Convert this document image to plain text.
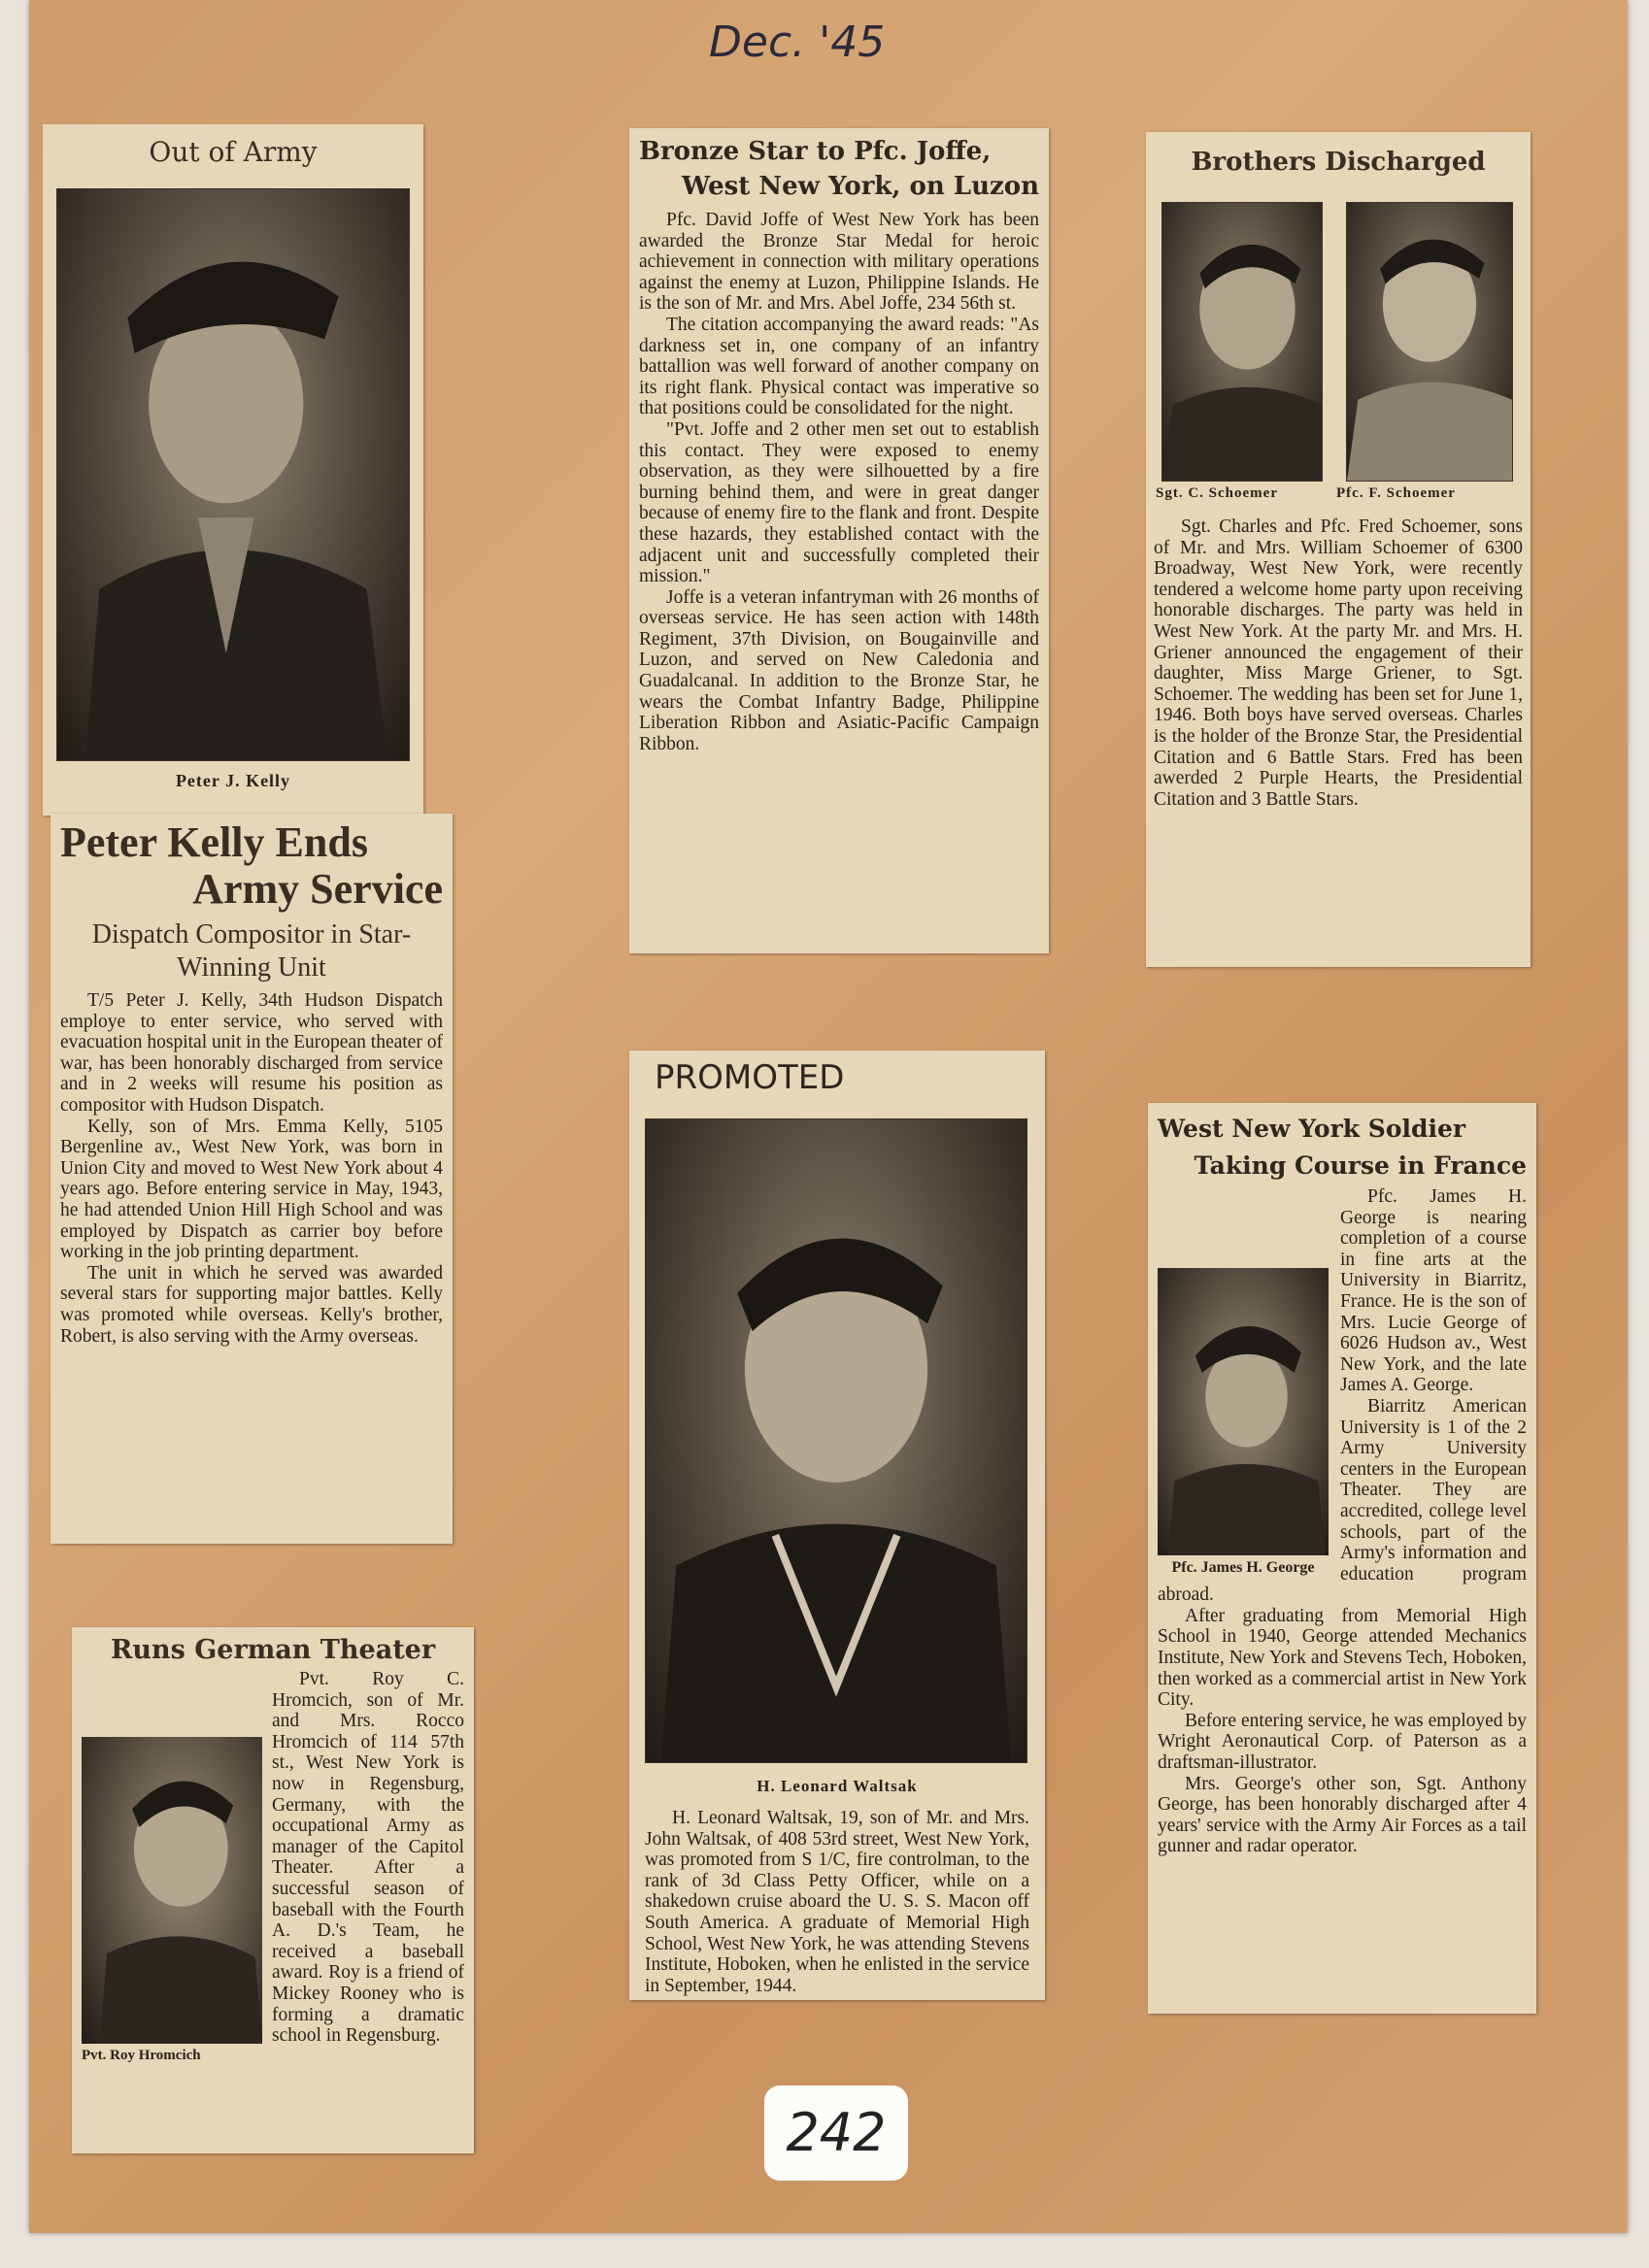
Dec. '45
Out of Army
Peter J. Kelly
Peter Kelly Ends
Army Service
Dispatch Compositor in Star-Winning Unit

T/5 Peter J. Kelly, 34th Hudson Dispatch employe to enter service, who served with evacuation hospital unit in the European theater of war, has been honorably discharged from service and in 2 weeks will resume his position as compositor with Hudson Dispatch.

Kelly, son of Mrs. Emma Kelly, 5105 Bergenline av., West New York, was born in Union City and moved to West New York about 4 years ago. Before entering service in May, 1943, he had attended Union Hill High School and was employed by Dispatch as carrier boy before working in the job printing department.

The unit in which he served was awarded several stars for supporting major battles. Kelly was promoted while overseas. Kelly's brother, Robert, is also serving with the Army overseas.

Runs German Theater
Pvt. Roy Hromcich

Pvt. Roy C. Hromcich, son of Mr. and Mrs. Rocco Hromcich of 114 57th st., West New York is now in Regensburg, Germany, with the occupational Army as manager of the Capitol Theater. After a successful season of baseball with the Fourth A. D.'s Team, he received a baseball award. Roy is a friend of Mickey Rooney who is forming a dramatic school in Regensburg.

Bronze Star to Pfc. Joffe,
West New York, on Luzon

Pfc. David Joffe of West New York has been awarded the Bronze Star Medal for heroic achievement in connection with military operations against the enemy at Luzon, Philippine Islands. He is the son of Mr. and Mrs. Abel Joffe, 234 56th st.

The citation accompanying the award reads: "As darkness set in, one company of an infantry battallion was well forward of another company on its right flank. Physical contact was imperative so that positions could be consolidated for the night.

"Pvt. Joffe and 2 other men set out to establish this contact. They were exposed to enemy observation, as they were silhouetted by a fire burning behind them, and were in great danger because of enemy fire to the flank and front. Despite these hazards, they established contact with the adjacent unit and successfully completed their mission."

Joffe is a veteran infantryman with 26 months of overseas service. He has seen action with 148th Regiment, 37th Division, on Bougainville and Luzon, and served on New Caledonia and Guadalcanal. In addition to the Bronze Star, he wears the Combat Infantry Badge, Philippine Liberation Ribbon and Asiatic-Pacific Campaign Ribbon.

PROMOTED
H. Leonard Waltsak

H. Leonard Waltsak, 19, son of Mr. and Mrs. John Waltsak, of 408 53rd street, West New York, was promoted from S 1/C, fire controlman, to the rank of 3d Class Petty Officer, while on a shakedown cruise aboard the U. S. S. Macon off South America. A graduate of Memorial High School, West New York, he was attending Stevens Institute, Hoboken, when he enlisted in the service in September, 1944.

Brothers Discharged
Sgt. C. Schoemer	Pfc. F. Schoemer

Sgt. Charles and Pfc. Fred Schoemer, sons of Mr. and Mrs. William Schoemer of 6300 Broadway, West New York, were recently tendered a welcome home party upon receiving honorable discharges. The party was held in West New York. At the party Mr. and Mrs. H. Griener announced the engagement of their daughter, Miss Marge Griener, to Sgt. Schoemer. The wedding has been set for June 1, 1946. Both boys have served overseas. Charles is the holder of the Bronze Star, the Presidential Citation and 6 Battle Stars. Fred has been awerded 2 Purple Hearts, the Presidential Citation and 3 Battle Stars.

West New York Soldier
Taking Course in France
Pfc. James H. George

Pfc. James H. George is nearing completion of a course in fine arts at the University in Biarritz, France. He is the son of Mrs. Lucie George of 6026 Hudson av., West New York, and the late James A. George.

Biarritz American University is 1 of the 2 Army University centers in the European Theater. They are accredited, college level schools, part of the Army's information and education program abroad.

After graduating from Memorial High School in 1940, George attended Mechanics Institute, New York and Stevens Tech, Hoboken, then worked as a commercial artist in New York City.

Before entering service, he was employed by Wright Aeronautical Corp. of Paterson as a draftsman-illustrator.

Mrs. George's other son, Sgt. Anthony George, has been honorably discharged after 4 years' service with the Army Air Forces as a tail gunner and radar operator.

242
